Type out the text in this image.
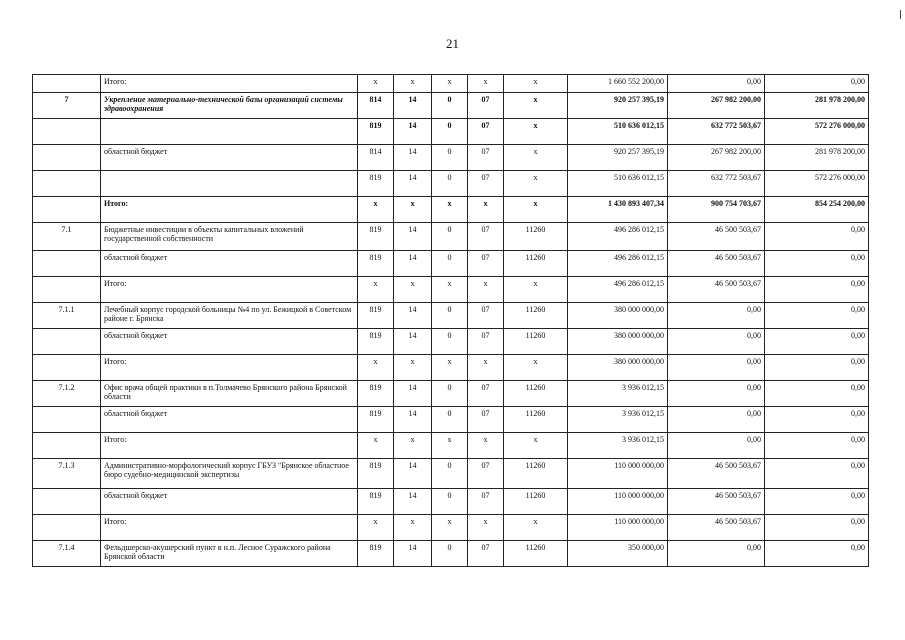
21
	Итого:	x	x	x	x	x	1 660 552 200,00	0,00	0,00
7	Укрепление материально-технической базы организаций системы здравоохранения	814	14	0	07	x	920 257 395,19	267 982 200,00	281 978 200,00
		819	14	0	07	x	510 636 012,15	632 772 503,67	572 276 000,00
	областной бюджет	814	14	0	07	x	920 257 395,19	267 982 200,00	281 978 200,00
		819	14	0	07	x	510 636 012,15	632 772 503,67	572 276 000,00
	Итого:	x	x	x	x	x	1 430 893 407,34	900 754 703,67	854 254 200,00
7.1	Бюджетные инвестиции в объекты капитальных вложений государственной собственности	819	14	0	07	11260	496 286 012,15	46 500 503,67	0,00
	областной бюджет	819	14	0	07	11260	496 286 012,15	46 500 503,67	0,00
	Итого:	x	x	x	x	x	496 286 012,15	46 500 503,67	0,00
7.1.1	Лечебный корпус городской больницы №4 по ул. Бежицкой в Советском районе г. Брянска	819	14	0	07	11260	380 000 000,00	0,00	0,00
	областной бюджет	819	14	0	07	11260	380 000 000,00	0,00	0,00
	Итого:	x	x	x	x	x	380 000 000,00	0,00	0,00
7.1.2	Офис врача общей практики в п.Толмачево Брянского района Брянской области	819	14	0	07	11260	3 936 012,15	0,00	0,00
	областной бюджет	819	14	0	07	11260	3 936 012,15	0,00	0,00
	Итого:	x	x	x	x	x	3 936 012,15	0,00	0,00
7.1.3	Административно-морфологический корпус ГБУЗ "Брянское областное бюро судебно-медицинской экспертизы	819	14	0	07	11260	110 000 000,00	46 500 503,67	0,00
	областной бюджет	819	14	0	07	11260	110 000 000,00	46 500 503,67	0,00
	Итого:	x	x	x	x	x	110 000 000,00	46 500 503,67	0,00
7.1.4	Фельдшерско-акушерский пункт в н.п. Лесное Суражского района Брянской области	819	14	0	07	11260	350 000,00	0,00	0,00
